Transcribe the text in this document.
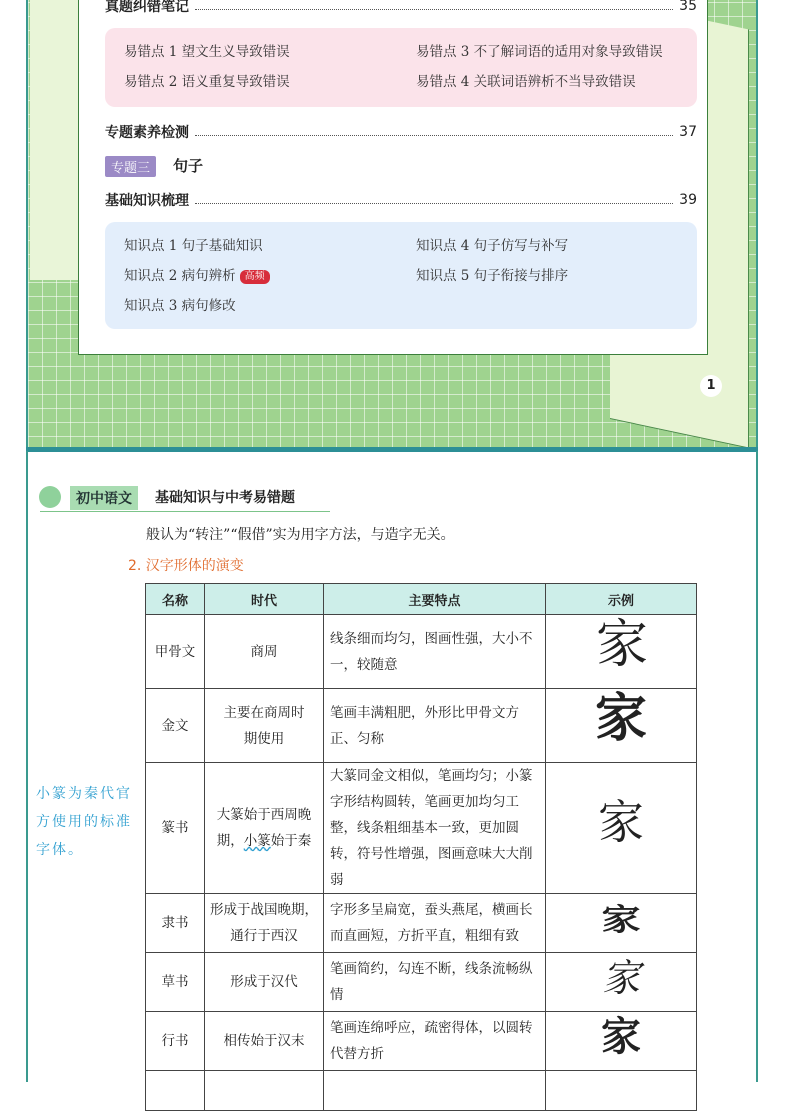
真题纠错笔记	35
易错点 1 望文生义导致错误
易错点 2 语义重复导致错误
易错点 3 不了解词语的适用对象导致错误
易错点 4 关联词语辨析不当导致错误
专题素养检测	37
专题三	句子
基础知识梳理	39
知识点 1 句子基础知识
知识点 2 病句辨析 高频
知识点 3 病句修改
知识点 4 句子仿写与补写
知识点 5 句子衔接与排序
1
初中语文	基础知识与中考易错题
般认为“转注”“假借”实为用字方法，与造字无关。
2. 汉字形体的演变
小篆为秦代官方使用的标准字体。
名称	时代	主要特点	示例
甲骨文	商周	线条细而均匀，图画性强，大小不一，较随意	家
金文	主要在商周时期使用	笔画丰满粗肥，外形比甲骨文方正、匀称	家
篆书	大篆始于西周晚期，小篆始于秦	大篆同金文相似，笔画均匀；小篆字形结构圆转，笔画更加均匀工整，线条粗细基本一致，更加圆转，符号性增强，图画意味大大削弱	家
隶书	形成于战国晚期，通行于西汉	字形多呈扁宽，蚕头燕尾，横画长而直画短，方折平直，粗细有致	家
草书	形成于汉代	笔画简约，勾连不断，线条流畅纵情	家
行书	相传始于汉末	笔画连绵呼应，疏密得体，以圆转代替方折	家
